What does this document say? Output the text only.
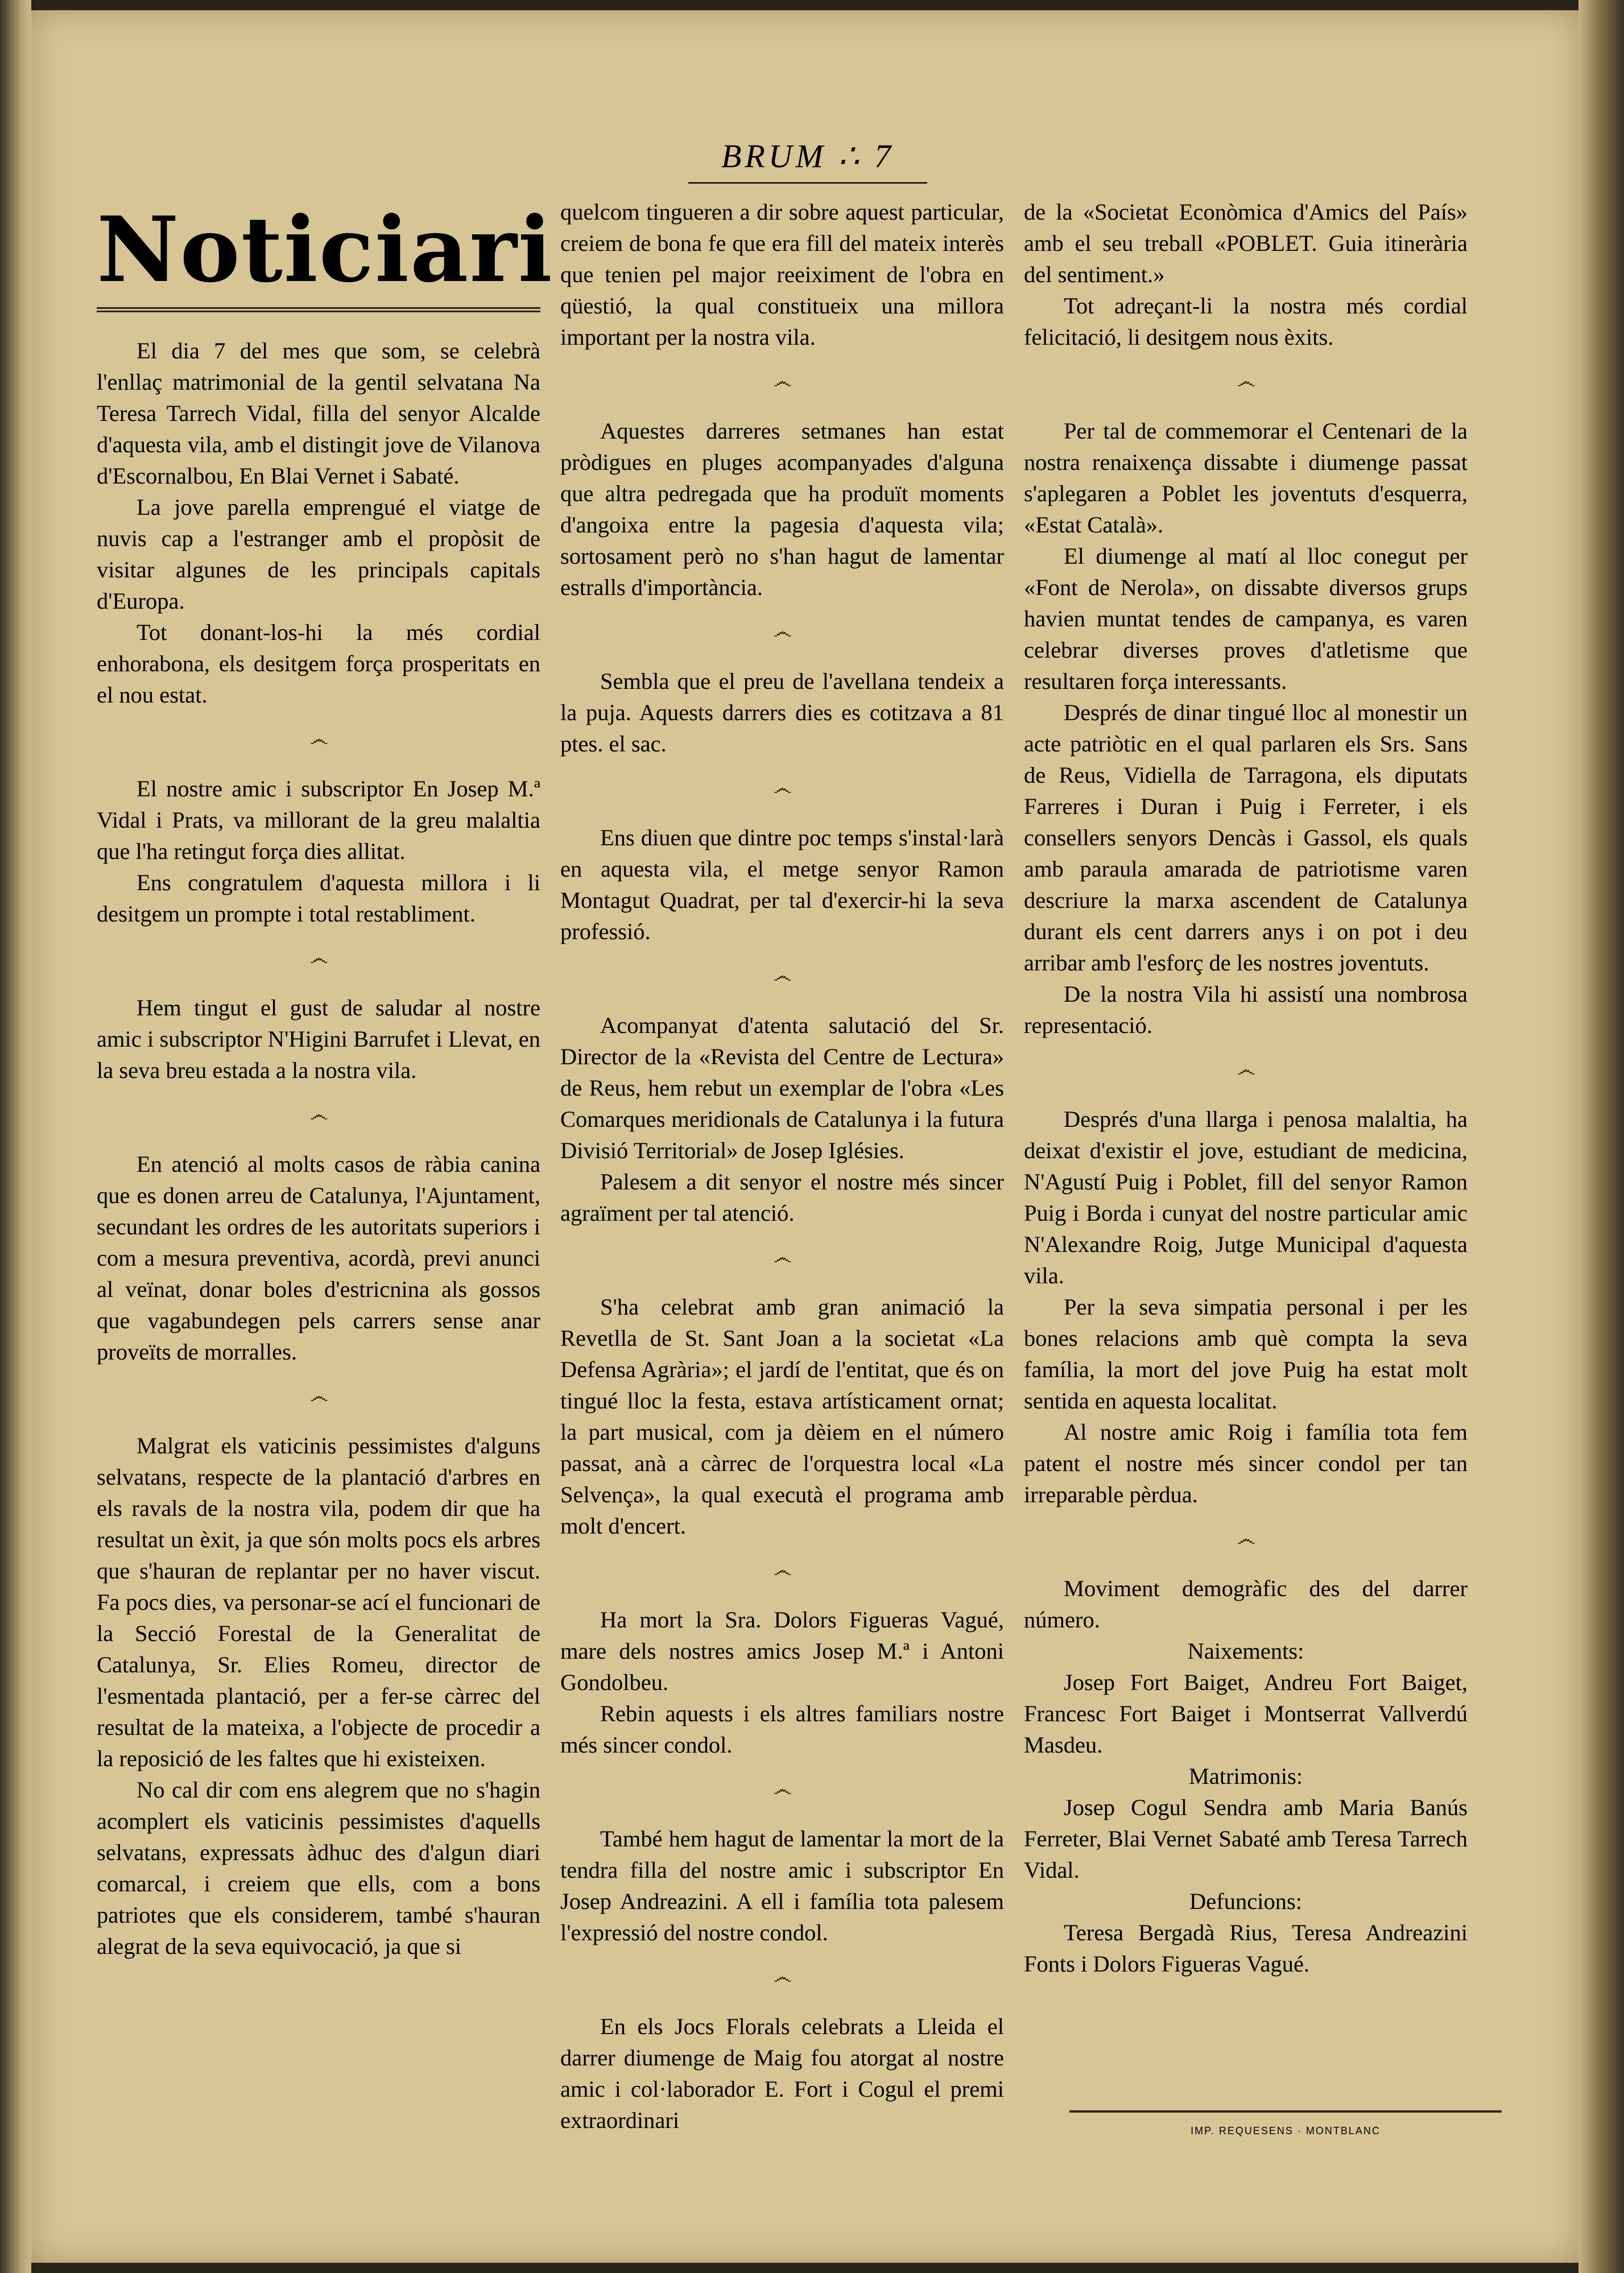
BRUM ∴ 7
Noticiari

El dia 7 del mes que som, se celebrà l'enllaç matrimonial de la gentil selvatana Na Teresa Tarrech Vidal, filla del senyor Alcalde d'aquesta vila, amb el distingit jove de Vilanova d'Escornalbou, En Blai Vernet i Sabaté.

La jove parella emprengué el viatge de nuvis cap a l'estranger amb el propòsit de visitar algunes de les principals capitals d'Europa.

Tot donant-los-hi la més cordial enhorabona, els desitgem força prosperitats en el nou estat.

෴

El nostre amic i subscriptor En Josep M.ª Vidal i Prats, va millorant de la greu malaltia que l'ha retingut força dies allitat.

Ens congratulem d'aquesta millora i li desitgem un prompte i total restabliment.

෴

Hem tingut el gust de saludar al nostre amic i subscriptor N'Higini Barrufet i Llevat, en la seva breu estada a la nostra vila.

෴

En atenció al molts casos de ràbia canina que es donen arreu de Catalunya, l'Ajuntament, secundant les ordres de les autoritats superiors i com a mesura preventiva, acordà, previ anunci al veïnat, donar boles d'estricnina als gossos que vagabundegen pels carrers sense anar proveïts de morralles.

෴

Malgrat els vaticinis pessimistes d'alguns selvatans, respecte de la plantació d'arbres en els ravals de la nostra vila, podem dir que ha resultat un èxit, ja que són molts pocs els arbres que s'hauran de replantar per no haver viscut. Fa pocs dies, va personar-se ací el funcionari de la Secció Forestal de la Generalitat de Catalunya, Sr. Elies Romeu, director de l'esmentada plantació, per a fer-se càrrec del resultat de la mateixa, a l'objecte de procedir a la reposició de les faltes que hi existeixen.

No cal dir com ens alegrem que no s'hagin acomplert els vaticinis pessimistes d'aquells selvatans, expressats àdhuc des d'algun diari comarcal, i creiem que ells, com a bons patriotes que els considerem, també s'hauran alegrat de la seva equivocació, ja que si

quelcom tingueren a dir sobre aquest particular, creiem de bona fe que era fill del mateix interès que tenien pel major reeiximent de l'obra en qüestió, la qual constitueix una millora important per la nostra vila.

෴

Aquestes darreres setmanes han estat pròdigues en pluges acompanyades d'alguna que altra pedregada que ha produït moments d'angoixa entre la pagesia d'aquesta vila; sortosament però no s'han hagut de lamentar estralls d'importància.

෴

Sembla que el preu de l'avellana tendeix a la puja. Aquests darrers dies es cotitzava a 81 ptes. el sac.

෴

Ens diuen que dintre poc temps s'instal·larà en aquesta vila, el metge senyor Ramon Montagut Quadrat, per tal d'exercir-hi la seva professió.

෴

Acompanyat d'atenta salutació del Sr. Director de la «Revista del Centre de Lectura» de Reus, hem rebut un exemplar de l'obra «Les Comarques meridionals de Catalunya i la futura Divisió Territorial» de Josep Iglésies.

Palesem a dit senyor el nostre més sincer agraïment per tal atenció.

෴

S'ha celebrat amb gran animació la Revetlla de St. Sant Joan a la societat «La Defensa Agrària»; el jardí de l'entitat, que és on tingué lloc la festa, estava artísticament ornat; la part musical, com ja dèiem en el número passat, anà a càrrec de l'orquestra local «La Selvença», la qual executà el programa amb molt d'encert.

෴

Ha mort la Sra. Dolors Figueras Vagué, mare dels nostres amics Josep M.ª i Antoni Gondolbeu.

Rebin aquests i els altres familiars nostre més sincer condol.

෴

També hem hagut de lamentar la mort de la tendra filla del nostre amic i subscriptor En Josep Andreazini. A ell i família tota palesem l'expressió del nostre condol.

෴

En els Jocs Florals celebrats a Lleida el darrer diumenge de Maig fou atorgat al nostre amic i col·laborador E. Fort i Cogul el premi extraordinari

de la «Societat Econòmica d'Amics del País» amb el seu treball «POBLET. Guia itinerària del sentiment.»

Tot adreçant-li la nostra més cordial felicitació, li desitgem nous èxits.

෴

Per tal de commemorar el Centenari de la nostra renaixença dissabte i diumenge passat s'aplegaren a Poblet les joventuts d'esquerra, «Estat Català».

El diumenge al matí al lloc conegut per «Font de Nerola», on dissabte diversos grups havien muntat tendes de campanya, es varen celebrar diverses proves d'atletisme que resultaren força interessants.

Després de dinar tingué lloc al monestir un acte patriòtic en el qual parlaren els Srs. Sans de Reus, Vidiella de Tarragona, els diputats Farreres i Duran i Puig i Ferreter, i els consellers senyors Dencàs i Gassol, els quals amb paraula amarada de patriotisme varen descriure la marxa ascendent de Catalunya durant els cent darrers anys i on pot i deu arribar amb l'esforç de les nostres joventuts.

De la nostra Vila hi assistí una nombrosa representació.

෴

Després d'una llarga i penosa malaltia, ha deixat d'existir el jove, estudiant de medicina, N'Agustí Puig i Poblet, fill del senyor Ramon Puig i Borda i cunyat del nostre particular amic N'Alexandre Roig, Jutge Municipal d'aquesta vila.

Per la seva simpatia personal i per les bones relacions amb què compta la seva família, la mort del jove Puig ha estat molt sentida en aquesta localitat.

Al nostre amic Roig i família tota fem patent el nostre més sincer condol per tan irreparable pèrdua.

෴

Moviment demogràfic des del darrer número.

Naixements:

Josep Fort Baiget, Andreu Fort Baiget, Francesc Fort Baiget i Montserrat Vallverdú Masdeu.

Matrimonis:

Josep Cogul Sendra amb Maria Banús Ferreter, Blai Vernet Sabaté amb Teresa Tarrech Vidal.

Defuncions:

Teresa Bergadà Rius, Teresa Andreazini Fonts i Dolors Figueras Vagué.

IMP. REQUESENS · MONTBLANC
